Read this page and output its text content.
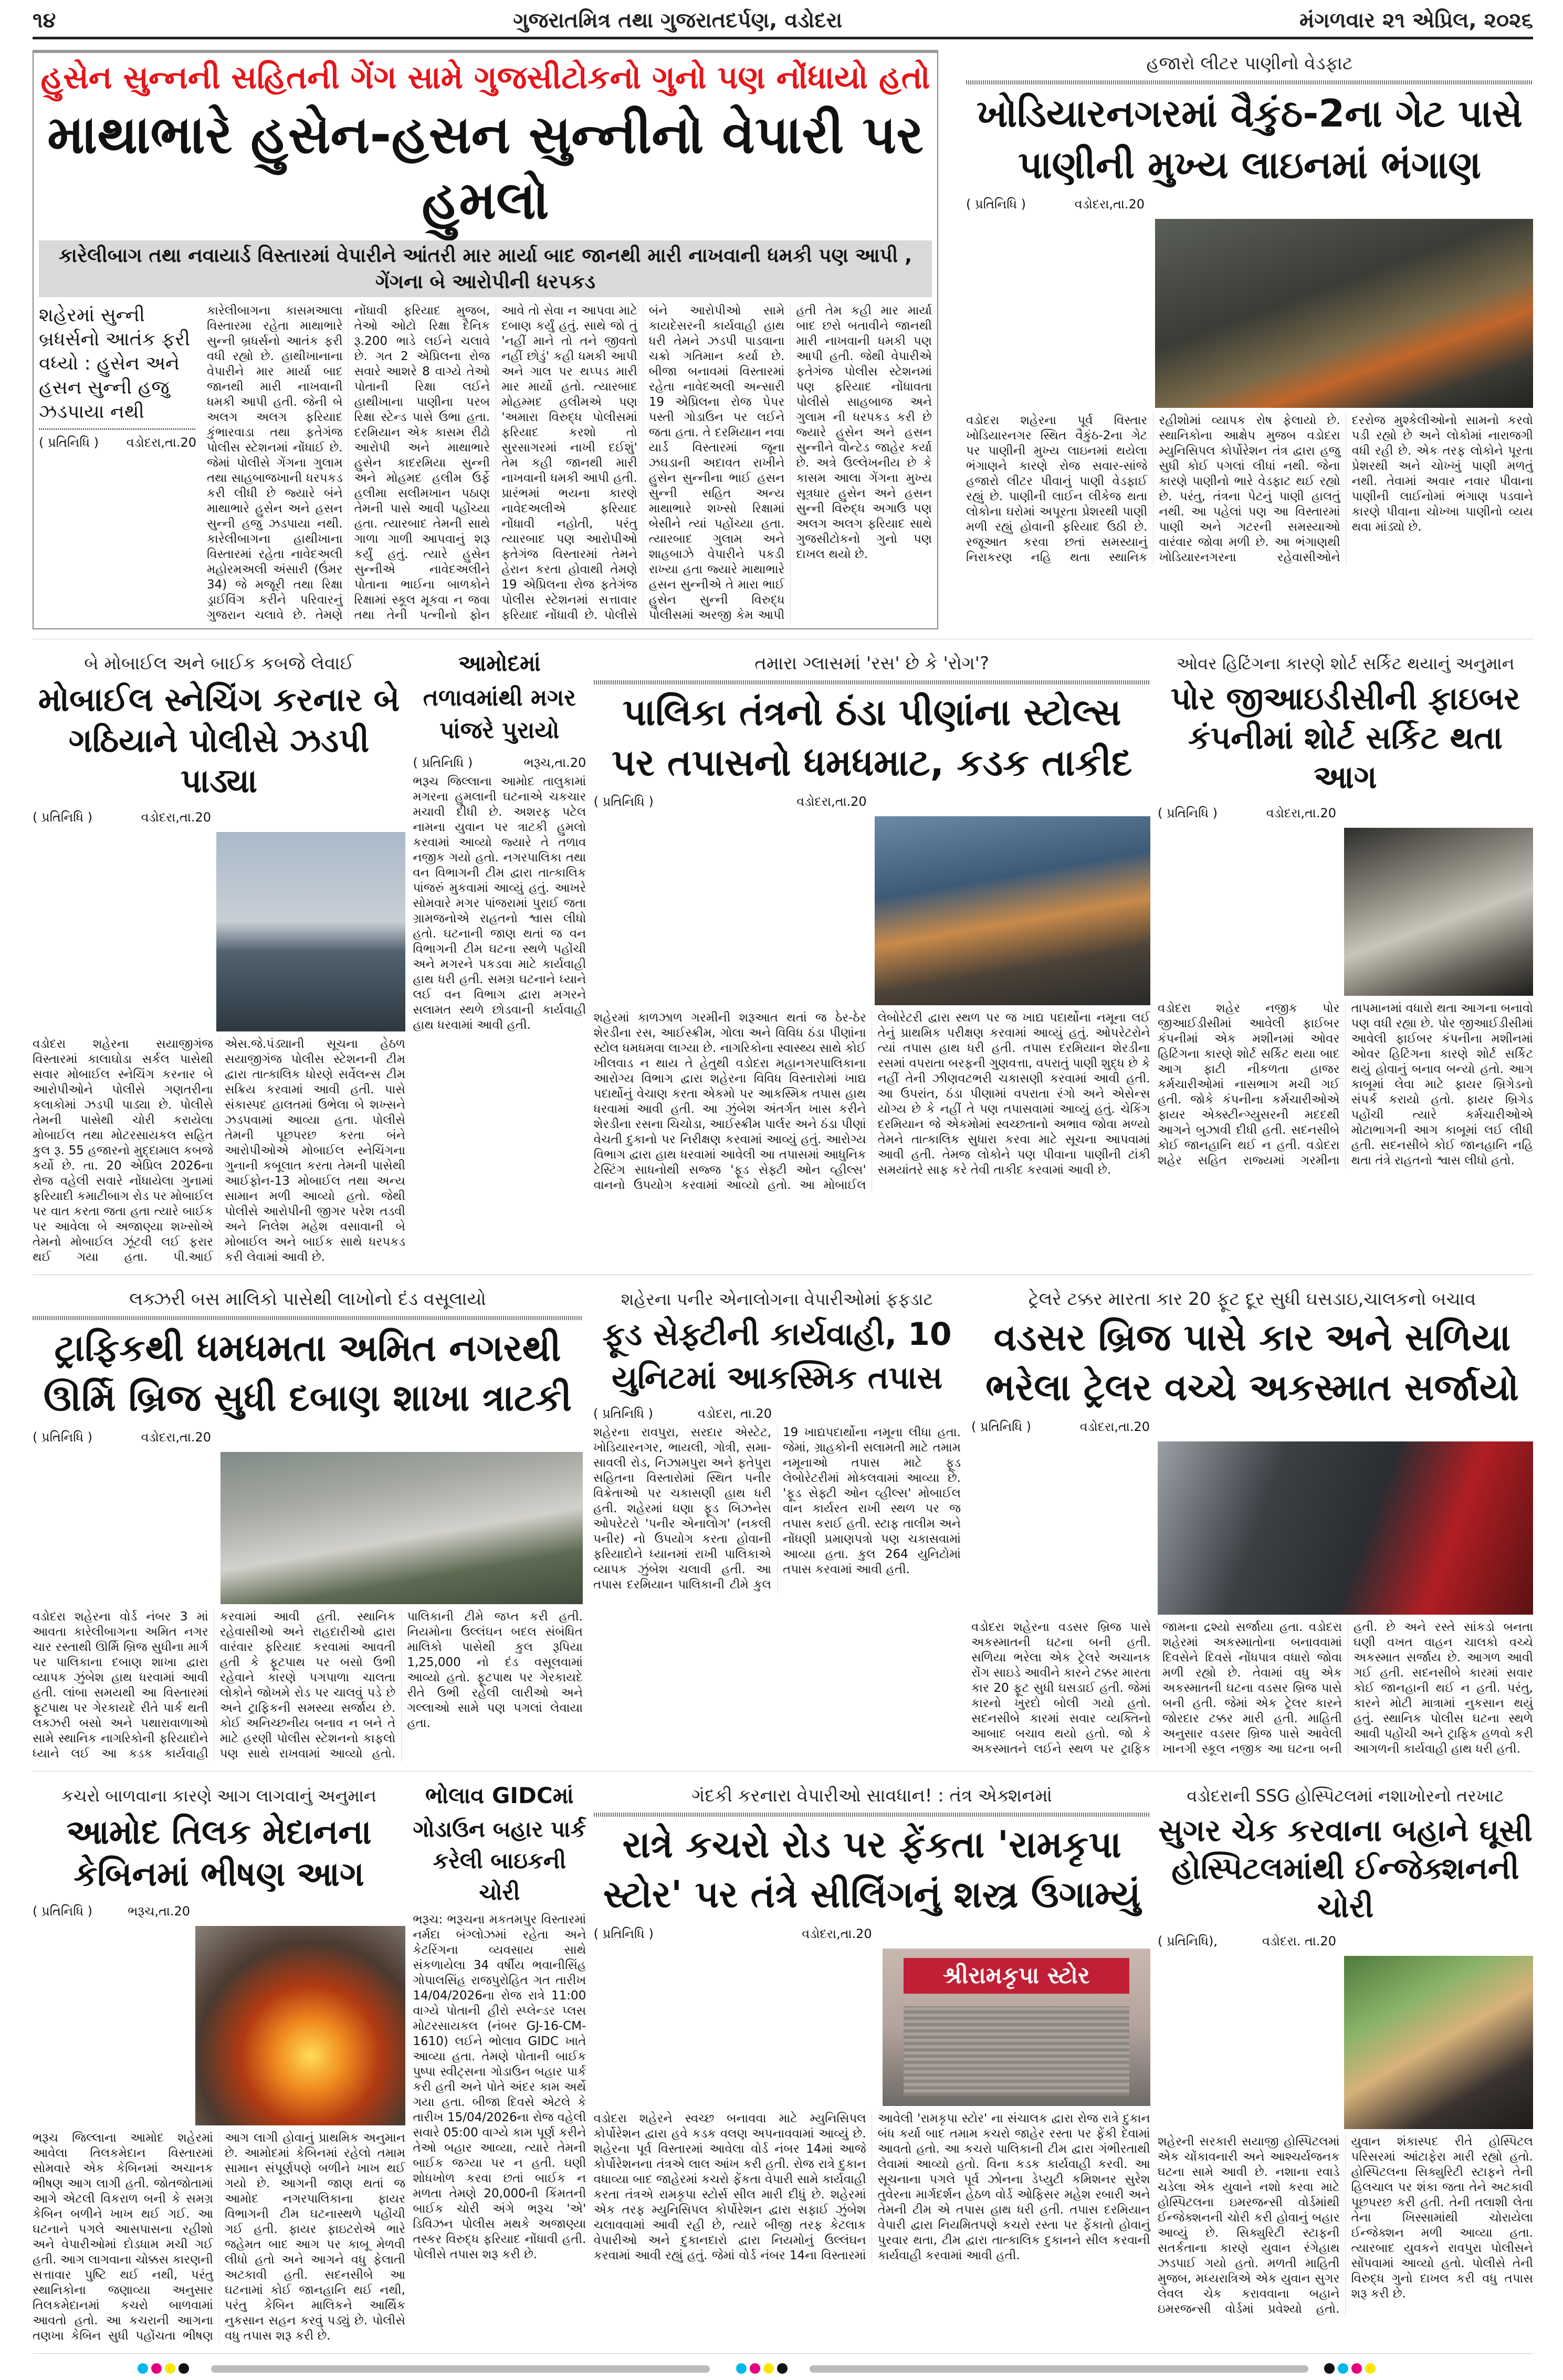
૧૪	ગુજરાતમિત્ર તથા ગુજરાતદર્પણ, વડોદરા	મંગળવાર ૨૧ એપ્રિલ, ૨૦૨૬
હુસેન સુન્નની સહિતની ગેંગ સામે ગુજસીટોકનો ગુનો પણ નોંધાયો હતો
માથાભારે હુસેન-હસન સુન્નીનો વેપારી પર હુમલો
કારેલીબાગ તથા નવાયાર્ડ વિસ્તારમાં વેપારીને આંતરી માર માર્યા બાદ જાનથી મારી નાખવાની ધમકી પણ આપી , ગેંગના બે આરોપીની ધરપકડ
શહેરમાં સુન્ની બ્રધર્સનો આતંક ફરી વધ્યો : હુસેન અને હસન સુન્ની હજુ ઝડપાયા નથી
( પ્રતિનિધિ ) વડોદરા,તા.20
કારેલીબાગના કાસમઆલા વિસ્તારમા રહેતા માથાભારે સુન્ની બ્રધર્સનો આતંક ફરી વધી રહ્યો છે. હાથીખાનાના વેપારીને માર માર્યા બાદ જાનથી મારી નાખવાની ધમકી આપી હતી. જેની બે અલગ અલગ ફરિયાદ કુંભારવાડા તથા ફતેગંજ પોલીસ સ્ટેશનમાં નોંધાઈ છે. જેમાં પોલીસે ગેંગના ગુલામ તથા સાહબાજખાની ધરપકડ કરી લીધી છે જ્યારે બંને માથાભારે હુસેન અને હસન સુન્ની હજુ ઝડપાયા નથી. કારેલીબાગના હાથીખાના વિસ્તારમાં રહેતા નાવેદઅલી મહોરમઅલી અંસારી (ઉંમર 34) જે મજૂરી તથા રિક્ષા ડ્રાઈવિંગ કરીને પરિવારનું ગુજરાન ચલાવે છે. તેમણે નોંધાવી ફરિયાદ મુજબ, તેઓ ઓટો રિક્ષા દૈનિક રૂ.200 ભાડે લઈને ચલાવે છે. ગત 2 એપ્રિલના રોજ સવારે આશરે 8 વાગ્યે તેઓ પોતાની રિક્ષા લઈને હાથીખાના પાણીના પરબ રિક્ષા સ્ટેન્ડ પાસે ઉભા હતા. દરમિયાન એક કાસમ રીઢો આરોપી અને માથાભારે હુસેન કાદરમિયા સુન્ની અને મોહમદ હલીમ ઉર્ફે હલીમા સલીમખાન પઠાણ તેમની પાસે આવી પહોંચ્યા હતા. ત્યારબાદ તેમની સાથે ગાળા ગાળી આપવાનું શરૂ કર્યું હતું. ત્યારે હુસેન સુન્નીએ નાવેદઅલીને પોતાના ભાઈના બાળકોને રિક્ષામાં સ્કૂલ મૂકવા ન જવા તથા તેની પત્નીનો ફોન આવે તો સેવા ન આપવા માટે દબાણ કર્યું હતું. સાથે જો તું 'નહીં માને તો તને જીવતો નહીં છોડું' કહી ધમકી આપી અને ગાલ પર થપ્પડ મારી માર માર્યો હતો. ત્યારબાદ મોહમ્મદ હલીમએ પણ 'અમારા વિરુદ્ધ પોલીસમાં ફરિયાદ કરશો તો સુરસાગરમાં નાખી દઈશું' તેમ કહી જાનથી મારી નાખવાની ધમકી આપી હતી. પ્રારંભમાં ભયના કારણે નાવેદઅલીએ ફરિયાદ નોંધાવી નહોતી, પરંતુ ત્યારબાદ પણ આરોપીઓ ફતેગંજ વિસ્તારમાં તેમને હેરાન કરતા હોવાથી તેમણે 19 એપ્રિલના રોજ ફતેગંજ પોલીસ સ્ટેશનમાં સત્તાવાર ફરિયાદ નોંધાવી છે. પોલીસે બંને આરોપીઓ સામે કાયદેસરની કાર્યવાહી હાથ ધરી તેમને ઝડપી પાડવાના ચક્રો ગતિમાન કર્યા છે. બીજા બનાવમાં વિસ્તારમાં રહેતા નાવેદઅલી અન્સારી 19 એપ્રિલના રોજ પેપર પસ્તી ગોડાઉન પર લઈને જતા હતા. તે દરમિયાન નવા યાર્ડ વિસ્તારમાં જૂના ઝઘડાની અદાવત રાખીને હુસેન સુન્નીના ભાઈ હસન સુન્ની સહિત અન્ય માથાભારે શખ્સો રિક્ષામાં બેસીને ત્યાં પહોંચ્યા હતા. ત્યારબાદ ગુલામ અને શાહબાઝે વેપારીને પકડી રાખ્યા હતા જ્યારે માથાભારે હસન સુન્નીએ તે મારા ભાઈ હુસેન સુન્ની વિરુદ્ધ પોલીસમાં અરજી કેમ આપી હતી તેમ કહી માર માર્યા બાદ છરો બતાવીને જાનથી મારી નાખવાની ધમકી પણ આપી હતી. જેથી વેપારીએ ફતેગંજ પોલીસ સ્ટેશનમાં પણ ફરિયાદ નોંધાવતા પોલીસે સાહબાજ અને ગુલામ ની ધરપકડ કરી છે જ્યારે હુસેન અને હસન સુન્નીને વોન્ટેડ જાહેર કર્યા છે. અત્રે ઉલ્લેખનીય છે કે કાસમ આલા ગેંગના મુખ્ય સૂત્રધાર હુસેન અને હસન સુન્ની વિરુદ્ધ અગાઉ પણ અલગ અલગ ફરિયાદ સાથે ગુજસીટોકનો ગુનો પણ દાખલ થયો છે.
હજારો લીટર પાણીનો વેડફાટ
ખોડિયારનગરમાં વૈકુંઠ-2ના ગેટ પાસે
પાણીની મુખ્ય લાઇનમાં ભંગાણ
( પ્રતિનિધિ )	વડોદરા,તા.20
વડોદરા શહેરના પૂર્વ વિસ્તાર ખોડિયારનગર સ્થિત વૈકુંઠ-2ના ગેટ પર પાણીની મુખ્ય લાઇનમાં થયેલા ભંગાણને કારણે રોજ સવાર-સાંજે હજારો લીટર પીવાનું પાણી વેડફાઈ રહ્યું છે. પાણીની લાઈન લીકેજ થતા લોકોના ઘરોમાં અપૂરતા પ્રેશરથી પાણી મળી રહ્યું હોવાની ફરિયાદ ઉઠી છે. રજૂઆત કરવા છતાં સમસ્યાનું નિરાકરણ નહિ થતા સ્થાનિક રહીશોમાં વ્યાપક રોષ ફેલાયો છે. સ્થાનિકોના આક્ષેપ મુજબ વડોદરા મ્યુનિસિપલ કોર્પોરેશન તંત્ર દ્વારા હજુ સુધી કોઈ પગલાં લીધાં નથી. જેના કારણે પાણીનો ભારે વેડફાટ થઈ રહ્યો છે. પરંતુ, તંત્રના પેટનું પાણી હાલતું નથી. આ પહેલાં પણ આ વિસ્તારમાં પાણી અને ગટરની સમસ્યાઓ વારંવાર જોવા મળી છે. આ ભંગાણથી ખોડિયારનગરના રહેવાસીઓને દરરોજ મુશ્કેલીઓનો સામનો કરવો પડી રહ્યો છે અને લોકોમાં નારાજગી વધી રહી છે. એક તરફ લોકોને પૂરતા પ્રેશરથી અને ચોખ્ખું પાણી મળતું નથી. તેવામાં અવાર નવાર પીવાના પાણીની લાઈનોમાં ભંગાણ પડવાને કારણે પીવાના ચોખ્ખા પાણીનો વ્યય થવા માંડ્યો છે.
બે મોબાઈલ અને બાઈક કબજે લેવાઈ
મોબાઈલ સ્નેચિંગ કરનાર બે ગઠિયાને પોલીસે ઝડપી પાડ્યા
( પ્રતિનિધિ )	વડોદરા,તા.20
વડોદરા શહેરના સયાજીગંજ વિસ્તારમાં કાલાઘોડા સર્કલ પાસેથી સવાર મોબાઈલ સ્નેચિંગ કરનાર બે આરોપીઓને પોલીસે ગણતરીના કલાકોમાં ઝડપી પાડ્યા છે. પોલીસે તેમની પાસેથી ચોરી કરાયેલા મોબાઈલ તથા મોટરસાયકલ સહિત કુલ રૂ. 55 હજારનો મુદ્દામાલ કબજે કર્યો છે. તા. 20 એપ્રિલ 2026ના રોજ વહેલી સવારે નોંધાયેલા ગુનામાં ફરિયાદી કમાટીબાગ રોડ પર મોબાઈલ પર વાત કરતા જતા હતા ત્યારે બાઈક પર આવેલા બે અજાણ્યા શખ્સોએ તેમનો મોબાઈલ ઝૂંટવી લઈ ફરાર થઈ ગયા હતા. પી.આઈ એસ.જે.પંડ્યાની સૂચના હેઠળ સયાજીગંજ પોલીસ સ્ટેશનની ટીમ દ્વારા તાત્કાલિક ધોરણે સર્વેલન્સ ટીમ સક્રિય કરવામાં આવી હતી. પાસે સંકાસ્પદ હાલતમાં ઉભેલા બે શખ્સને ઝડપવામાં આવ્યા હતા. પોલીસે તેમની પૂછપરછ કરતા બંને આરોપીઓએ મોબાઈલ સ્નેચિંગના ગુનાની કબૂલાત કરતા તેમની પાસેથી આઈફોન-13 મોબાઈલ તથા અન્ય સામાન મળી આવ્યો હતો. જેથી પોલીસે આરોપીની જીગર પરેશ તડવી અને નિલેશ મહેશ વસાવાની બે મોબાઈલ અને બાઈક સાથે ધરપકડ કરી લેવામાં આવી છે.
આમોદમાં
તળાવમાંથી મગર પાંજરે પુરાયો
( પ્રતિનિધિ )	ભરૂચ,તા.20
ભરૂચ જિલ્લાના આમોદ તાલુકામાં મગરના હુમલાની ઘટનાએ ચકચાર મચાવી દીધી છે. અશરફ પટેલ નામના યુવાન પર ત્રાટકી હુમલો કરવામાં આવ્યો જ્યારે તે તળાવ નજીક ગયો હતો. નગરપાલિકા તથા વન વિભાગની ટીમ દ્વારા તાત્કાલિક પાંજરું મુકવામાં આવ્યું હતું. આખરે સોમવારે મગર પાંજરામાં પુરાઈ જતા ગ્રામજનોએ રાહતનો શ્વાસ લીધો હતો. ઘટનાની જાણ થતાં જ વન વિભાગની ટીમ ઘટના સ્થળે પહોંચી અને મગરને પકડવા માટે કાર્યવાહી હાથ ધરી હતી. સમગ્ર ઘટનાને ધ્યાને લઈ વન વિભાગ દ્વારા મગરને સલામત સ્થળે છોડવાની કાર્યવાહી હાથ ધરવામાં આવી હતી.
તમારા ગ્લાસમાં 'રસ' છે કે 'રોગ'?
પાલિકા તંત્રનો ઠંડા પીણાંના સ્ટોલ્સ
પર તપાસનો ધમધમાટ, કડક તાકીદ
( પ્રતિનિધિ )	વડોદરા,તા.20
શહેરમાં કાળઝાળ ગરમીની શરૂઆત થતાં જ ઠેર-ઠેર શેરડીના રસ, આઈસ્ક્રીમ, ગોલા અને વિવિધ ઠંડા પીણાંના સ્ટોલ ધમધમવા લાગ્યા છે. નાગરિકોના સ્વાસ્થ્ય સાથે કોઈ ખીલવાડ ન થાય તે હેતુથી વડોદરા મહાનગરપાલિકાના આરોગ્ય વિભાગ દ્વારા શહેરના વિવિધ વિસ્તારોમાં ખાદ્ય પદાર્થોનું વેચાણ કરતા એકમો પર આકસ્મિક તપાસ હાથ ધરવામાં આવી હતી. આ ઝુંબેશ અંતર્ગત ખાસ કરીને શેરડીના રસના ચિચોડા, આઈસ્ક્રીમ પાર્લર અને ઠંડા પીણાં વેચતી દુકાનો પર નિરીક્ષણ કરવામાં આવ્યું હતું. આરોગ્ય વિભાગ દ્વારા હાથ ધરવામાં આવેલી આ તપાસમાં આધુનિક ટેસ્ટિંગ સાધનોથી સજ્જ 'ફૂડ સેફ્ટી ઓન વ્હીલ્સ' વાનનો ઉપયોગ કરવામાં આવ્યો હતો. આ મોબાઈલ લેબોરેટરી દ્વારા સ્થળ પર જ ખાદ્ય પદાર્થોના નમૂના લઈ તેનું પ્રાથમિક પરીક્ષણ કરવામાં આવ્યું હતું. ઓપરેટરોને ત્યાં તપાસ હાથ ધરી હતી. તપાસ દરમિયાન શેરડીના રસમાં વપરાતા બરફની ગુણવત્તા, વપરાતું પાણી શુદ્ધ છે કે નહીં તેની ઝીણવટભરી ચકાસણી કરવામાં આવી હતી. આ ઉપરાંત, ઠંડા પીણામાં વપરાતા રંગો અને એસેન્સ યોગ્ય છે કે નહીં તે પણ તપાસવામાં આવ્યું હતું. ચેકિંગ દરમિયાન જે એકમોમાં સ્વચ્છતાનો અભાવ જોવા મળ્યો તેમને તાત્કાલિક સુધારા કરવા માટે સૂચના આપવામાં આવી હતી. તેમજ લોકોને પણ પીવાના પાણીની ટાંકી સમયાંતરે સાફ કરે તેવી તાકીદ કરવામાં આવી છે.
ઓવર હિટિંગના કારણે શોર્ટ સર્કિટ થયાનું અનુમાન
પોર જીઆઇડીસીની ફાઇબર કંપનીમાં શોર્ટ સર્કિટ થતા આગ
( પ્રતિનિધિ )	વડોદરા,તા.20
વડોદરા શહેર નજીક પોર જીઆઈડીસીમાં આવેલી ફાઈબર કંપનીમાં એક મશીનમાં ઓવર હિટિંગના કારણે શોર્ટ સર્કિટ થયા બાદ આગ ફાટી નીકળતા હાજર કર્મચારીઓમાં નાસભાગ મચી ગઈ હતી. જોકે કંપનીના કર્મચારીઓએ ફાયર એક્સ્ટીન્ગ્યુસરની મદદથી આગને બુઝાવી દીધી હતી. સદનસીબે કોઈ જાનહાનિ થઈ ન હતી. વડોદરા શહેર સહિત રાજ્યમાં ગરમીના તાપમાનમાં વધારો થતા આગના બનાવો પણ વધી રહ્યા છે. પોર જીઆઈડીસીમાં આવેલી ફાઈબર કંપનીના મશીનમાં ઓવર હિટિંગના કારણે શોર્ટ સર્કિટ થયું હોવાનું બનાવ બન્યો હતો. આગ કાબૂમાં લેવા માટે ફાયર બ્રિગેડનો સંપર્ક કરાયો હતો. ફાયર બ્રિગેડ પહોંચી ત્યારે કર્મચારીઓએ મોટાભાગની આગ કાબૂમાં લઈ લીધી હતી. સદનસીબે કોઈ જાનહાનિ નહિ થતા તંત્રે રાહતનો શ્વાસ લીધો હતો.
લક્ઝરી બસ માલિકો પાસેથી લાખોનો દંડ વસૂલાયો
ટ્રાફિકથી ધમધમતા અમિત નગરથી
ઊર્મિ બ્રિજ સુધી દબાણ શાખા ત્રાટકી
( પ્રતિનિધિ )	વડોદરા,તા.20
વડોદરા શહેરના વોર્ડ નંબર 3 માં આવતા કારેલીબાગના અમિત નગર ચાર રસ્તાથી ઊર્મિ બ્રિજ સુધીના માર્ગ પર પાલિકાના દબાણ શાખા દ્વારા વ્યાપક ઝુંબેશ હાથ ધરવામાં આવી હતી. લાંબા સમયથી આ વિસ્તારમાં ફૂટપાથ પર ગેરકાયદે રીતે પાર્ક થતી લક્ઝરી બસો અને પથારાવાળાઓ સામે સ્થાનિક નાગરિકોની ફરિયાદોને ધ્યાને લઈ આ કડક કાર્યવાહી કરવામાં આવી હતી. સ્થાનિક રહેવાસીઓ અને રાહદારીઓ દ્વારા વારંવાર ફરિયાદ કરવામાં આવતી હતી કે ફૂટપાથ પર બસો ઉભી રહેવાને કારણે પગપાળા ચાલતા લોકોને જોખમે રોડ પર ચાલવું પડે છે અને ટ્રાફિકની સમસ્યા સર્જાય છે. કોઈ અનિચ્છનીય બનાવ ન બને તે માટે હરણી પોલીસ સ્ટેશનનો કાફલો પણ સાથે રાખવામાં આવ્યો હતો. પાલિકાની ટીમે જપ્ત કરી હતી. નિયમોના ઉલ્લંઘન બદલ સંબંધિત માલિકો પાસેથી કુલ રૂપિયા 1,25,000 નો દંડ વસૂલવામાં આવ્યો હતો. ફૂટપાથ પર ગેરકાયદે રીતે ઉભી રહેલી લારીઓ અને ગલ્લાઓ સામે પણ પગલાં લેવાયા હતા.
શહેરના પનીર એનાલોગના વેપારીઓમાં ફફડાટ
ફૂડ સેફ્ટીની કાર્યવાહી, 10
યુનિટમાં આકસ્મિક તપાસ
( પ્રતિનિધિ )	વડોદરા, તા.20
શહેરના રાવપુરા, સરદાર એસ્ટેટ, ખોડિયારનગર, ભાયલી, ગોત્રી, સમા-સાવલી રોડ, નિઝામપુરા અને ફતેપુરા સહિતના વિસ્તારોમાં સ્થિત પનીર વિક્રેતાઓ પર ચકાસણી હાથ ધરી હતી. શહેરમાં ઘણા ફૂડ બિઝનેસ ઓપરેટરો 'પનીર એનાલોગ' (નકલી પનીર) નો ઉપયોગ કરતા હોવાની ફરિયાદોને ધ્યાનમાં રાખી પાલિકાએ વ્યાપક ઝુંબેશ ચલાવી હતી. આ તપાસ દરમિયાન પાલિકાની ટીમે કુલ 19 ખાદ્યપદાર્થોના નમૂના લીધા હતા. જેમાં, ગ્રાહકોની સલામતી માટે તમામ નમૂનાઓ તપાસ માટે ફૂડ લેબોરેટરીમાં મોકલવામાં આવ્યા છે. 'ફૂડ સેફ્ટી ઓન વ્હીલ્સ' મોબાઈલ વાન કાર્યરત રાખી સ્થળ પર જ તપાસ કરાઈ હતી. સ્ટાફ તાલીમ અને નોંધણી પ્રમાણપત્રો પણ ચકાસવામાં આવ્યા હતા. કુલ 264 યુનિટોમાં તપાસ કરવામાં આવી હતી.
ટ્રેલરે ટક્કર મારતા કાર 20 ફૂટ દૂર સુધી ઘસડાઇ,ચાલકનો બચાવ
વડસર બ્રિજ પાસે કાર અને સળિયા
ભરેલા ટ્રેલર વચ્ચે અકસ્માત સર્જાયો
( પ્રતિનિધિ )	વડોદરા,તા.20
વડોદરા શહેરના વડસર બ્રિજ પાસે અકસ્માતની ઘટના બની હતી. સળિયા ભરેલા એક ટ્રેલરે અચાનક રોંગ સાઇડે આવીને કારને ટક્કર મારતા કાર 20 ફૂટ સુધી ઘસડાઈ હતી. જેમાં કારનો ખુરદો બોલી ગયો હતો. સદનસીબે કારમાં સવાર વ્યક્તિનો આબાદ બચાવ થયો હતો. જો કે અકસ્માતને લઈને સ્થળ પર ટ્રાફિક જામના દ્રશ્યો સર્જાયા હતા. વડોદરા શહેરમાં અકસ્માતોના બનાવવામાં દિવસેને દિવસે નોંધપાત્ર વધારો જોવા મળી રહ્યો છે. તેવામાં વધુ એક અકસ્માતની ઘટના વડસર બ્રિજ પાસે બની હતી. જેમાં એક ટ્રેલર કારને જોરદાર ટક્કર મારી હતી. માહિતી અનુસાર વડસર બ્રિજ પાસે આવેલી ખાનગી સ્કૂલ નજીક આ ઘટના બની હતી. છે અને રસ્તે સાંકડો બનતા ઘણી વખત વાહન ચાલકો વચ્ચે અકસ્માત સર્જાય છે. આગળ આવી ગઈ હતી. સદનસીબે કારમાં સવાર કોઈ જાનહાની થઈ ન હતી. પરંતુ, કારને મોટી માત્રામાં નુકસાન થયું હતું. સ્થાનિક પોલીસ ઘટના સ્થળે આવી પહોંચી અને ટ્રાફિક હળવો કરી આગળની કાર્યવાહી હાથ ધરી હતી.
કચરો બાળવાના કારણે આગ લાગવાનું અનુમાન
આમોદ તિલક મેદાનના કેબિનમાં ભીષણ આગ
( પ્રતિનિધિ )	ભરૂચ,તા.20
ભરૂચ જિલ્લાના આમોદ શહેરમાં આવેલા તિલકમેદાન વિસ્તારમાં સોમવારે એક કેબિનમાં અચાનક ભીષણ આગ લાગી હતી. જોતજોતામાં આગે એટલી વિકરાળ બની કે સમગ્ર કેબિન બળીને ખાખ થઈ ગઈ. આ ઘટનાને પગલે આસપાસના રહીશો અને વેપારીઓમાં દોડધામ મચી ગઈ હતી. આગ લાગવાના ચોક્કસ કારણની સત્તાવાર પુષ્ટિ થઈ નથી, પરંતુ સ્થાનિકોના જણાવ્યા અનુસાર તિલકમેદાનમાં કચરો બાળવામાં આવતો હતો. આ કચરાની આગના તણખા કેબિન સુધી પહોંચતા ભીષણ આગ લાગી હોવાનું પ્રાથમિક અનુમાન છે. આમોદમાં કેબિનમાં રહેલો તમામ સામાન સંપૂર્ણપણે બળીને ખાખ થઈ ગયો છે. આગની જાણ થતાં જ આમોદ નગરપાલિકાના ફાયર વિભાગની ટીમ ઘટનાસ્થળે પહોંચી ગઈ હતી. ફાયર ફાઇટરોએ ભારે જહેમત બાદ આગ પર કાબૂ મેળવી લીધો હતો અને આગને વધુ ફેલાતી અટકાવી હતી. સદનસીબે આ ઘટનામાં કોઈ જાનહાનિ થઈ નથી, પરંતુ કેબિન માલિકને આર્થિક નુકસાન સહન કરવું પડ્યું છે. પોલીસે વધુ તપાસ શરૂ કરી છે.
ભોલાવ GIDCમાં
ગોડાઉન બહાર પાર્ક કરેલી બાઇકની ચોરી
ભરૂચ: ભરૂચના મકતમપુર વિસ્તારમાં નર્મદા બંગ્લોઝમાં રહેતા અને કેટરિંગના વ્યવસાય સાથે સંકળાયેલા 34 વર્ષીય ભવાનીસિંહ ગોપાલસિંહ રાજપુરોહિત ગત તારીખ 14/04/2026ના રોજ રાત્રે 11:00 વાગ્યે પોતાની હીરો સ્પ્લેન્ડર પ્લસ મોટરસાયકલ (નંબર GJ-16-CM-1610) લઈને ભોલાવ GIDC ખાતે આવ્યા હતા. તેમણે પોતાની બાઈક પુષ્પા સ્વીટ્સના ગોડાઉન બહાર પાર્ક કરી હતી અને પોતે અંદર કામ અર્થે ગયા હતા. બીજા દિવસે એટલે કે તારીખ 15/04/2026ના રોજ વહેલી સવારે 05:00 વાગ્યે કામ પૂર્ણ કરીને તેઓ બહાર આવ્યા, ત્યારે તેમની બાઈક જગ્યા પર ન હતી. ઘણી શોધખોળ કરવા છતાં બાઈક ન મળતા તેમણે 20,000ની કિંમતની બાઈક ચોરી અંગે ભરૂચ 'એ' ડિવિઝન પોલીસ મથકે અજાણ્યા તસ્કર વિરુદ્ધ ફરિયાદ નોંધાવી હતી. પોલીસે તપાસ શરૂ કરી છે.
ગંદકી કરનારા વેપારીઓ સાવધાન! : તંત્ર એક્શનમાં
રાત્રે કચરો રોડ પર ફેંકતા 'રામકૃપા
સ્ટોર' પર તંત્રે સીલિંગનું શસ્ત્ર ઉગામ્યું
( પ્રતિનિધિ )	વડોદરા,તા.20
શ્રીરામકૃપા સ્ટોર
વડોદરા શહેરને સ્વચ્છ બનાવવા માટે મ્યુનિસિપલ કોર્પોરેશન દ્વારા હવે કડક વલણ અપનાવવામાં આવ્યું છે. શહેરના પૂર્વ વિસ્તારમાં આવેલા વોર્ડ નંબર 14માં આજે કોર્પોરેશનના તંત્રએ લાલ આંખ કરી હતી. રોજ રાત્રે દુકાન વધાવ્યા બાદ જાહેરમાં કચરો ફેંકતા વેપારી સામે કાર્યવાહી કરતા તંત્રએ રામકૃપા સ્ટોર્સ સીલ મારી દીધું છે. શહેરમાં એક તરફ મ્યુનિસિપલ કોર્પોરેશન દ્વારા સફાઈ ઝુંબેશ ચલાવવામાં આવી રહી છે, ત્યારે બીજી તરફ કેટલાક વેપારીઓ અને દુકાનદારો દ્વારા નિયમોનું ઉલ્લંઘન કરવામાં આવી રહ્યું હતું. જેમાં વોર્ડ નંબર 14ના વિસ્તારમાં આવેલી 'રામકૃપા સ્ટોર' ના સંચાલક દ્વારા રોજ રાત્રે દુકાન બંધ કર્યા બાદ તમામ કચરો જાહેર રસ્તા પર ફેંકી દેવામાં આવતો હતો. આ કચરો પાલિકાની ટીમ દ્વારા ગંભીરતાથી લેવામાં આવ્યો હતો. વિના કડક કાર્યવાહી કરવી. આ સૂચનાના પગલે પૂર્વ ઝોનના ડેપ્યુટી કમિશનર સુરેશ તુવેરના માર્ગદર્શન હેઠળ વોર્ડ ઓફિસર મહેશ રબારી અને તેમની ટીમ એ તપાસ હાથ ધરી હતી. તપાસ દરમિયાન વેપારી દ્વારા નિયમિતપણે કચરો રસ્તા પર ફેંકાતો હોવાનું પુરવાર થતા, ટીમ દ્વારા તાત્કાલિક દુકાનને સીલ કરવાની કાર્યવાહી કરવામાં આવી હતી.
વડોદરાની SSG હોસ્પિટલમાં નશાખોરનો તરખાટ
સુગર ચેક કરવાના બહાને ઘૂસી હોસ્પિટલમાંથી ઈન્જેક્શનની ચોરી
( પ્રતિનિધિ),	વડોદરા. તા.20
શહેરની સરકારી સયાજી હોસ્પિટલમાં એક ચોંકાવનારી અને આશ્ચર્યજનક ઘટના સામે આવી છે. નશાના રવાડે ચડેલા એક યુવાને નશો કરવા માટે હોસ્પિટલના ઇમરજન્સી વોર્ડમાંથી ઈન્જેક્શનની ચોરી કરી હોવાનું બહાર આવ્યું છે. સિક્યુરિટી સ્ટાફની સતર્કતાના કારણે યુવાન રંગેહાથ ઝડપાઈ ગયો હતો. મળતી માહિતી મુજબ, મધ્યરાત્રિએ એક યુવાન સુગર લેવલ ચેક કરાવવાના બહાને ઇમરજન્સી વોર્ડમાં પ્રવેશ્યો હતો. યુવાન શંકાસ્પદ રીતે હોસ્પિટલ પરિસરમાં આંટાફેરા મારી રહ્યો હતો. હોસ્પિટલના સિક્યુરિટી સ્ટાફને તેની હિલચાલ પર શંકા જતા તેને અટકાવી પૂછપરછ કરી હતી. તેની તલાશી લેતા તેના ખિસ્સામાંથી ચોરાયેલા ઈન્જેક્શન મળી આવ્યા હતા. ત્યારબાદ યુવકને રાવપુરા પોલીસને સોંપવામાં આવ્યો હતો. પોલીસે તેની વિરુદ્ધ ગુનો દાખલ કરી વધુ તપાસ શરૂ કરી છે.
